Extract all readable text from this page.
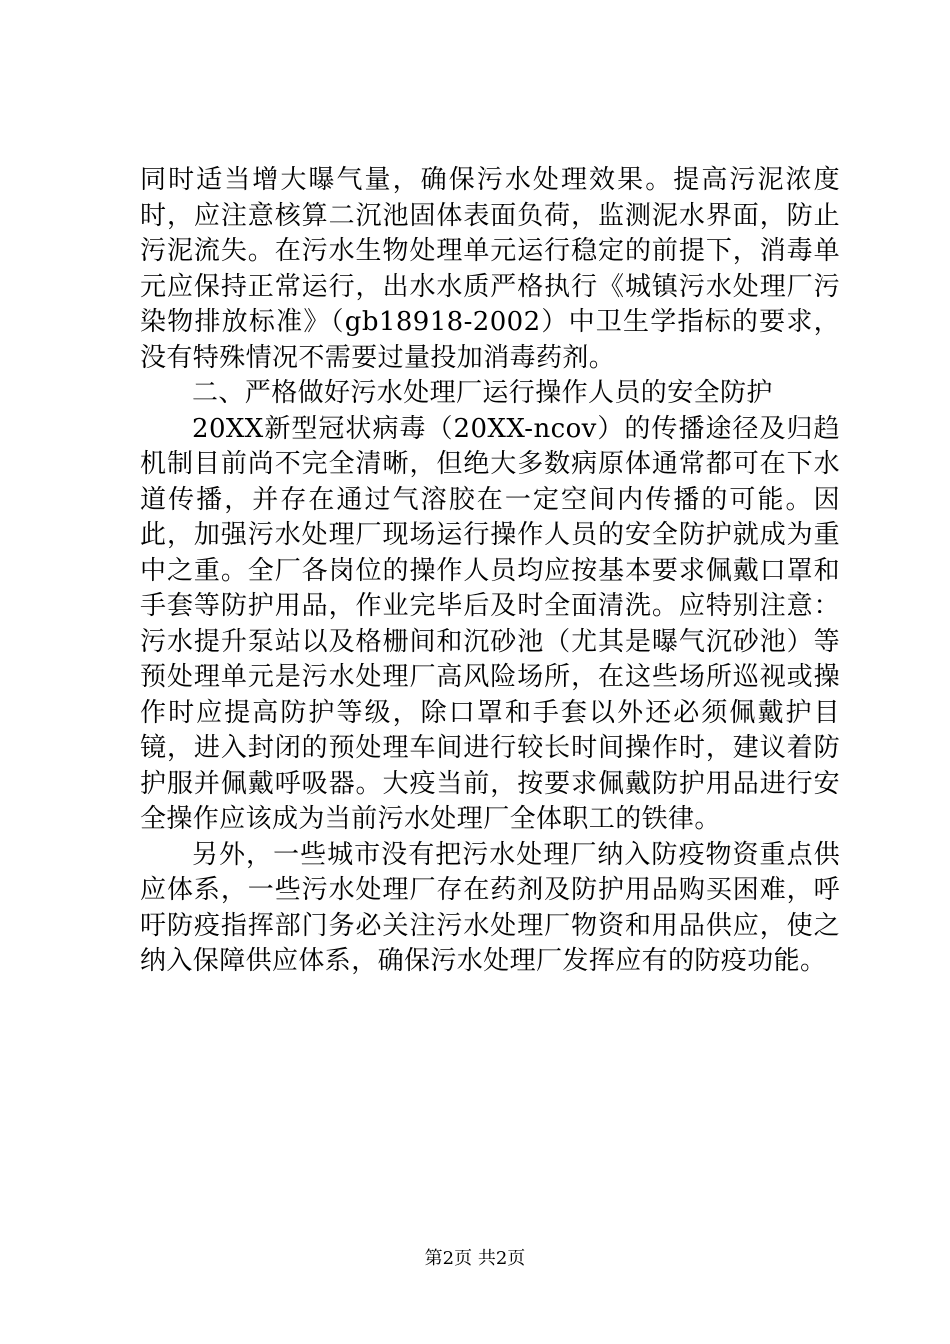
同时适当增大曝气量，确保污水处理效果。提高污泥浓度时，应注意核算二沉池固体表面负荷，监测泥水界面，防止污泥流失。在污水生物处理单元运行稳定的前提下，消毒单元应保持正常运行，出水水质严格执行《城镇污水处理厂污染物排放标准》（gb18918-2002）中卫生学指标的要求，没有特殊情况不需要过量投加消毒药剂。

二、严格做好污水处理厂运行操作人员的安全防护

20XX新型冠状病毒（20XX-ncov）的传播途径及归趋机制目前尚不完全清晰，但绝大多数病原体通常都可在下水道传播，并存在通过气溶胶在一定空间内传播的可能。因此，加强污水处理厂现场运行操作人员的安全防护就成为重中之重。全厂各岗位的操作人员均应按基本要求佩戴口罩和手套等防护用品，作业完毕后及时全面清洗。应特别注意：污水提升泵站以及格栅间和沉砂池（尤其是曝气沉砂池）等预处理单元是污水处理厂高风险场所，在这些场所巡视或操作时应提高防护等级，除口罩和手套以外还必须佩戴护目镜，进入封闭的预处理车间进行较长时间操作时，建议着防护服并佩戴呼吸器。大疫当前，按要求佩戴防护用品进行安全操作应该成为当前污水处理厂全体职工的铁律。

另外，一些城市没有把污水处理厂纳入防疫物资重点供应体系，一些污水处理厂存在药剂及防护用品购买困难，呼吁防疫指挥部门务必关注污水处理厂物资和用品供应，使之纳入保障供应体系，确保污水处理厂发挥应有的防疫功能。

第2页 共2页
